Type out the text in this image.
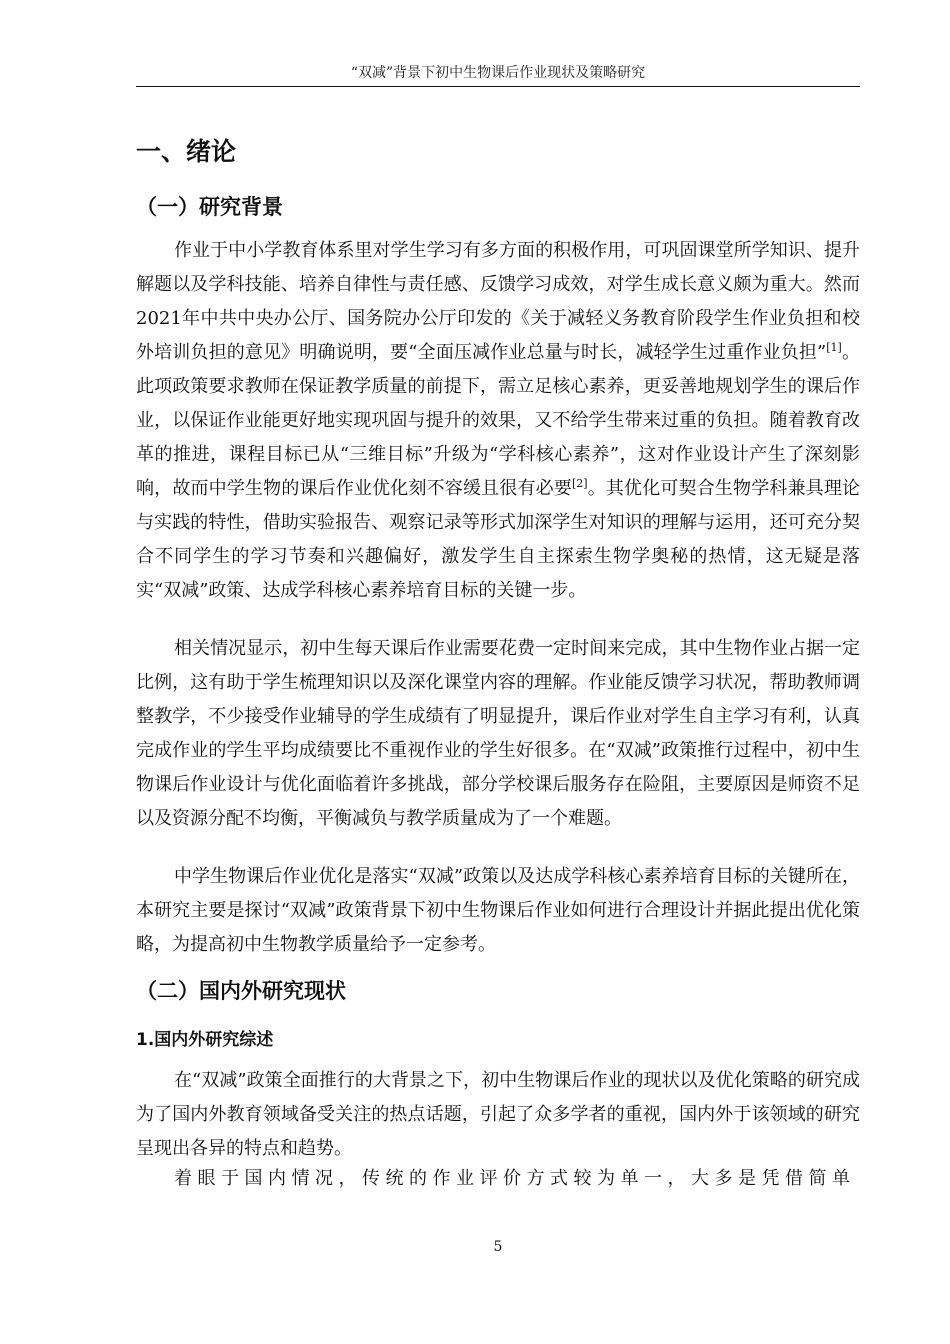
“双减”背景下初中生物课后作业现状及策略研究
一、绪论
（一）研究背景

作业于中小学教育体系里对学生学习有多方面的积极作用，可巩固课堂所学知识、提升解题以及学科技能、培养自律性与责任感、反馈学习成效，对学生成长意义颇为重大。然而2021年中共中央办公厅、国务院办公厅印发的《关于减轻义务教育阶段学生作业负担和校外培训负担的意见》明确说明，要“全面压减作业总量与时长，减轻学生过重作业负担”[1]。此项政策要求教师在保证教学质量的前提下，需立足核心素养，更妥善地规划学生的课后作业，以保证作业能更好地实现巩固与提升的效果，又不给学生带来过重的负担。随着教育改革的推进，课程目标已从“三维目标”升级为“学科核心素养”，这对作业设计产生了深刻影响，故而中学生物的课后作业优化刻不容缓且很有必要[2]。其优化可契合生物学科兼具理论与实践的特性，借助实验报告、观察记录等形式加深学生对知识的理解与运用，还可充分契合不同学生的学习节奏和兴趣偏好，激发学生自主探索生物学奥秘的热情，这无疑是落实“双减”政策、达成学科核心素养培育目标的关键一步。

相关情况显示，初中生每天课后作业需要花费一定时间来完成，其中生物作业占据一定比例，这有助于学生梳理知识以及深化课堂内容的理解。作业能反馈学习状况，帮助教师调整教学，不少接受作业辅导的学生成绩有了明显提升，课后作业对学生自主学习有利，认真完成作业的学生平均成绩要比不重视作业的学生好很多。在“双减”政策推行过程中，初中生物课后作业设计与优化面临着许多挑战，部分学校课后服务存在险阻，主要原因是师资不足以及资源分配不均衡，平衡减负与教学质量成为了一个难题。

中学生物课后作业优化是落实“双减”政策以及达成学科核心素养培育目标的关键所在，本研究主要是探讨“双减”政策背景下初中生物课后作业如何进行合理设计并据此提出优化策略，为提高初中生物教学质量给予一定参考。

（二）国内外研究现状
1.国内外研究综述

在“双减”政策全面推行的大背景之下，初中生物课后作业的现状以及优化策略的研究成为了国内外教育领域备受关注的热点话题，引起了众多学者的重视，国内外于该领域的研究呈现出各异的特点和趋势。

着眼于国内情况，传统的作业评价方式较为单一，大多是凭借简单

5
